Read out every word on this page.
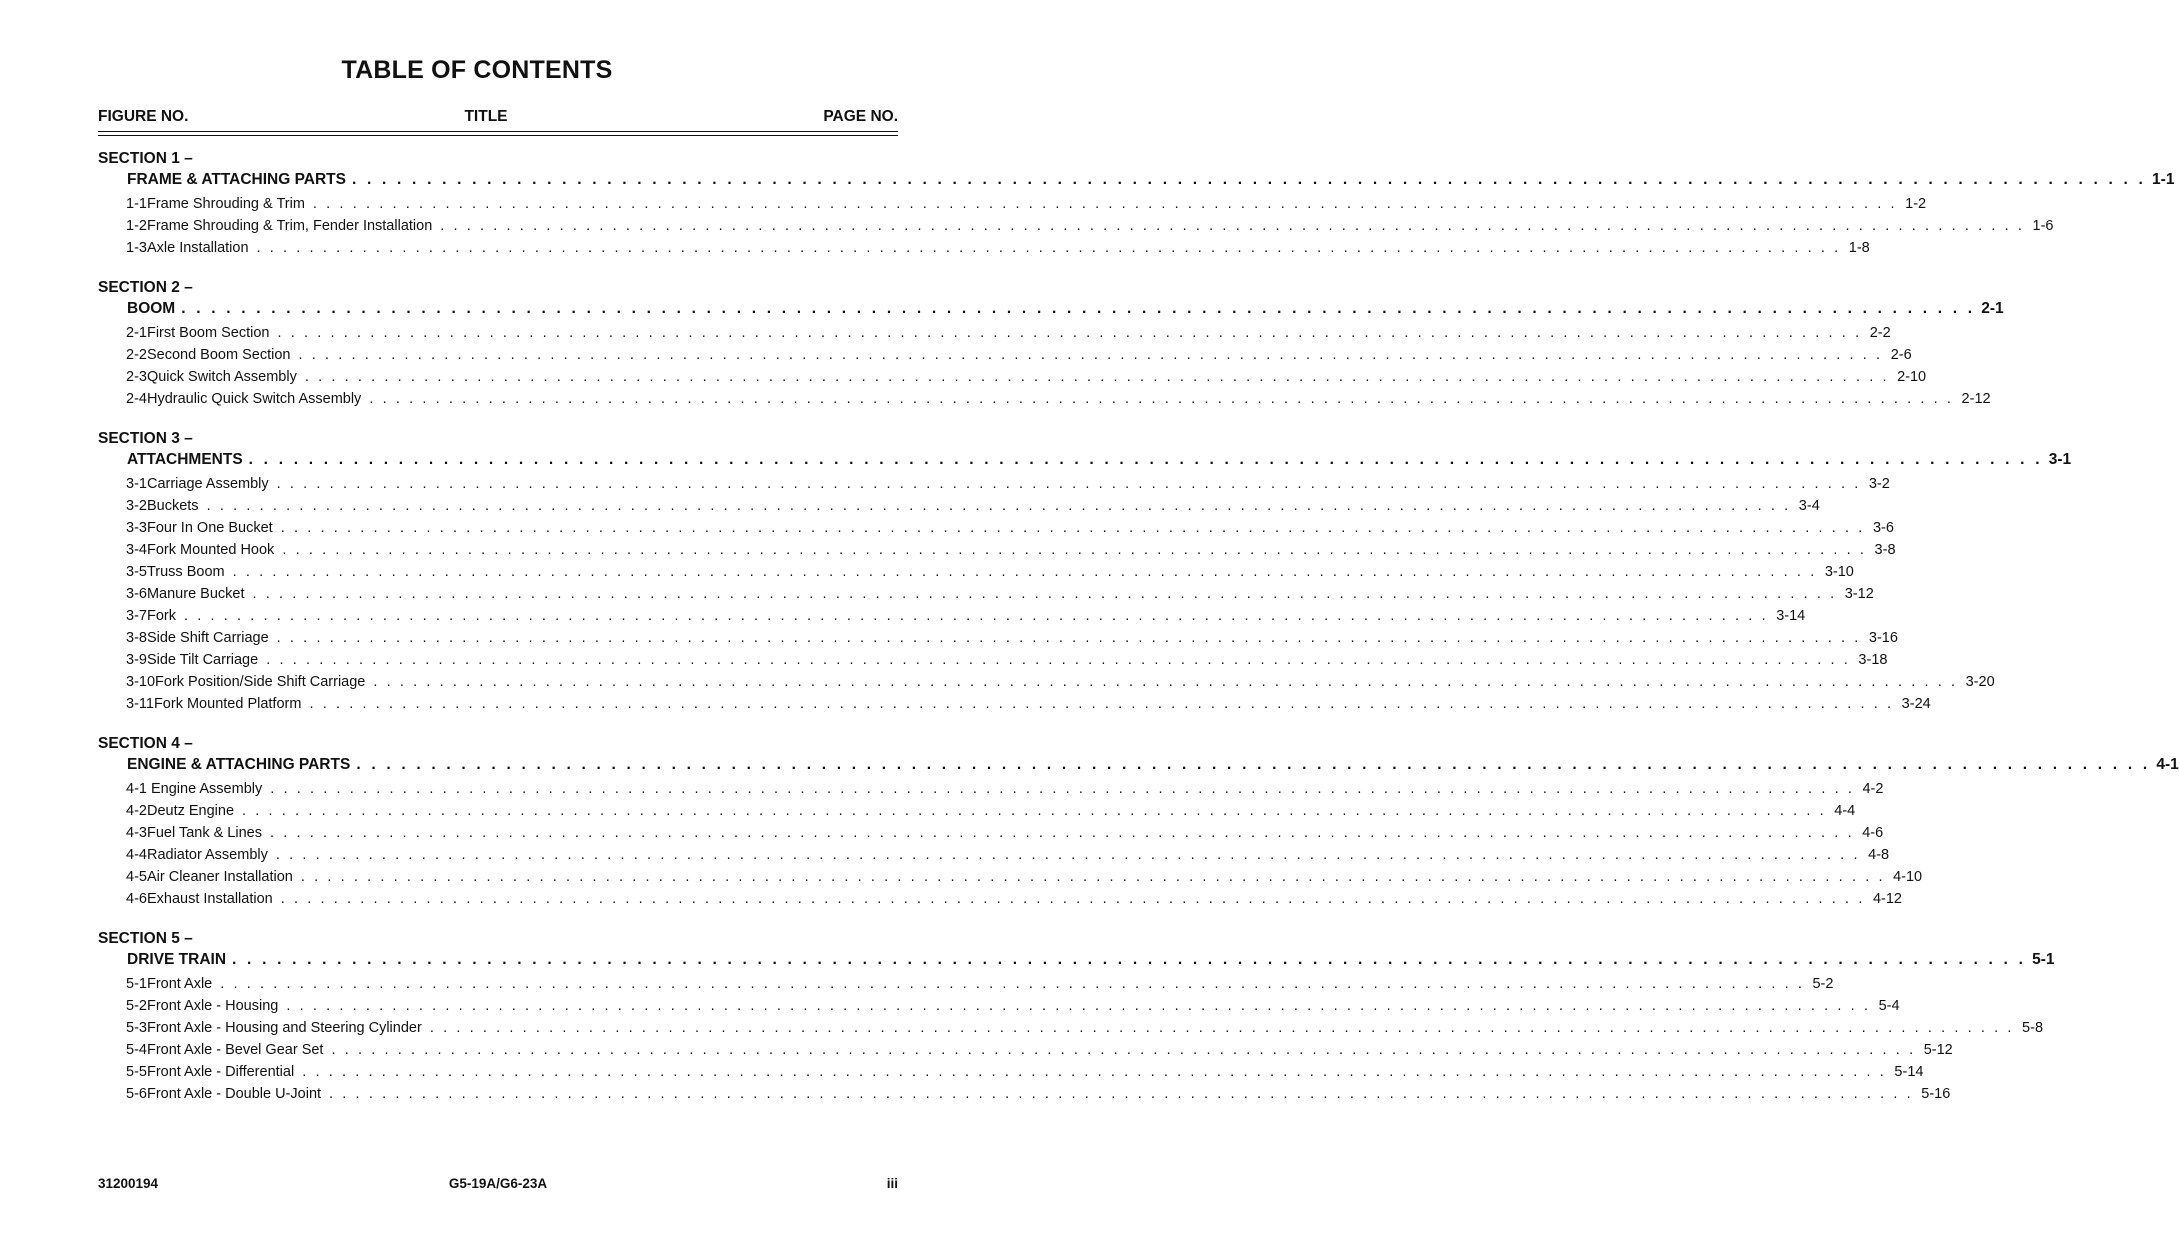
TABLE OF CONTENTS
FIGURE NO.	TITLE	PAGE NO.
SECTION 1 –
FRAME & ATTACHING PARTS . . . . . . . . . . . . . . . . . . . . . . . . . . . . . . . . . . . . . . . . . . . . . . . . . . . . . . . . . . . . . . . . . . . . . . . . . . . . . . . . . . . . . . . . . . . . . . . . . . . . . . . . . . . . . . . . . . . . . . . . 1-1
1-1 Frame Shrouding & Trim . . . . . . . . . . . . . . . . . . . . . . . . . . . . . . . . . . . . . . . . . . . . . . . . . . . . . . . . . . . . . . . . . . . . . . . . . . . . . . . . . . . . . . . . . . . . . . . . . . . . . . . . . . . . . . . . . . . . . . . . 1-2
1-2 Frame Shrouding & Trim, Fender Installation . . . . . . . . . . . . . . . . . . . . . . . . . . . . . . . . . . . . . . . . . . . . . . . . . . . . . . . . . . . . . . . . . . . . . . . . . . . . . . . . . . . . . . . . . . . . . . . . . . . . . . . . . . . . . . . . . . . . . . . . 1-6
1-3 Axle Installation . . . . . . . . . . . . . . . . . . . . . . . . . . . . . . . . . . . . . . . . . . . . . . . . . . . . . . . . . . . . . . . . . . . . . . . . . . . . . . . . . . . . . . . . . . . . . . . . . . . . . . . . . . . . . . . . . . . . . . . . 1-8
SECTION 2 –
BOOM . . . . . . . . . . . . . . . . . . . . . . . . . . . . . . . . . . . . . . . . . . . . . . . . . . . . . . . . . . . . . . . . . . . . . . . . . . . . . . . . . . . . . . . . . . . . . . . . . . . . . . . . . . . . . . . . . . . . . . . . 2-1
2-1 First Boom Section . . . . . . . . . . . . . . . . . . . . . . . . . . . . . . . . . . . . . . . . . . . . . . . . . . . . . . . . . . . . . . . . . . . . . . . . . . . . . . . . . . . . . . . . . . . . . . . . . . . . . . . . . . . . . . . . . . . . . . . . 2-2
2-2 Second Boom Section . . . . . . . . . . . . . . . . . . . . . . . . . . . . . . . . . . . . . . . . . . . . . . . . . . . . . . . . . . . . . . . . . . . . . . . . . . . . . . . . . . . . . . . . . . . . . . . . . . . . . . . . . . . . . . . . . . . . . . . . 2-6
2-3 Quick Switch Assembly . . . . . . . . . . . . . . . . . . . . . . . . . . . . . . . . . . . . . . . . . . . . . . . . . . . . . . . . . . . . . . . . . . . . . . . . . . . . . . . . . . . . . . . . . . . . . . . . . . . . . . . . . . . . . . . . . . . . . . . . 2-10
2-4 Hydraulic Quick Switch Assembly . . . . . . . . . . . . . . . . . . . . . . . . . . . . . . . . . . . . . . . . . . . . . . . . . . . . . . . . . . . . . . . . . . . . . . . . . . . . . . . . . . . . . . . . . . . . . . . . . . . . . . . . . . . . . . . . . . . . . . . . 2-12
SECTION 3 –
ATTACHMENTS . . . . . . . . . . . . . . . . . . . . . . . . . . . . . . . . . . . . . . . . . . . . . . . . . . . . . . . . . . . . . . . . . . . . . . . . . . . . . . . . . . . . . . . . . . . . . . . . . . . . . . . . . . . . . . . . . . . . . . . . 3-1
3-1 Carriage Assembly . . . . . . . . . . . . . . . . . . . . . . . . . . . . . . . . . . . . . . . . . . . . . . . . . . . . . . . . . . . . . . . . . . . . . . . . . . . . . . . . . . . . . . . . . . . . . . . . . . . . . . . . . . . . . . . . . . . . . . . . 3-2
3-2 Buckets . . . . . . . . . . . . . . . . . . . . . . . . . . . . . . . . . . . . . . . . . . . . . . . . . . . . . . . . . . . . . . . . . . . . . . . . . . . . . . . . . . . . . . . . . . . . . . . . . . . . . . . . . . . . . . . . . . . . . . . . 3-4
3-3 Four In One Bucket . . . . . . . . . . . . . . . . . . . . . . . . . . . . . . . . . . . . . . . . . . . . . . . . . . . . . . . . . . . . . . . . . . . . . . . . . . . . . . . . . . . . . . . . . . . . . . . . . . . . . . . . . . . . . . . . . . . . . . . . 3-6
3-4 Fork Mounted Hook . . . . . . . . . . . . . . . . . . . . . . . . . . . . . . . . . . . . . . . . . . . . . . . . . . . . . . . . . . . . . . . . . . . . . . . . . . . . . . . . . . . . . . . . . . . . . . . . . . . . . . . . . . . . . . . . . . . . . . . . 3-8
3-5 Truss Boom . . . . . . . . . . . . . . . . . . . . . . . . . . . . . . . . . . . . . . . . . . . . . . . . . . . . . . . . . . . . . . . . . . . . . . . . . . . . . . . . . . . . . . . . . . . . . . . . . . . . . . . . . . . . . . . . . . . . . . . . 3-10
3-6 Manure Bucket . . . . . . . . . . . . . . . . . . . . . . . . . . . . . . . . . . . . . . . . . . . . . . . . . . . . . . . . . . . . . . . . . . . . . . . . . . . . . . . . . . . . . . . . . . . . . . . . . . . . . . . . . . . . . . . . . . . . . . . . 3-12
3-7 Fork . . . . . . . . . . . . . . . . . . . . . . . . . . . . . . . . . . . . . . . . . . . . . . . . . . . . . . . . . . . . . . . . . . . . . . . . . . . . . . . . . . . . . . . . . . . . . . . . . . . . . . . . . . . . . . . . . . . . . . . . 3-14
3-8 Side Shift Carriage . . . . . . . . . . . . . . . . . . . . . . . . . . . . . . . . . . . . . . . . . . . . . . . . . . . . . . . . . . . . . . . . . . . . . . . . . . . . . . . . . . . . . . . . . . . . . . . . . . . . . . . . . . . . . . . . . . . . . . . . 3-16
3-9 Side Tilt Carriage . . . . . . . . . . . . . . . . . . . . . . . . . . . . . . . . . . . . . . . . . . . . . . . . . . . . . . . . . . . . . . . . . . . . . . . . . . . . . . . . . . . . . . . . . . . . . . . . . . . . . . . . . . . . . . . . . . . . . . . . 3-18
3-10 Fork Position/Side Shift Carriage . . . . . . . . . . . . . . . . . . . . . . . . . . . . . . . . . . . . . . . . . . . . . . . . . . . . . . . . . . . . . . . . . . . . . . . . . . . . . . . . . . . . . . . . . . . . . . . . . . . . . . . . . . . . . . . . . . . . . . . . 3-20
3-11 Fork Mounted Platform . . . . . . . . . . . . . . . . . . . . . . . . . . . . . . . . . . . . . . . . . . . . . . . . . . . . . . . . . . . . . . . . . . . . . . . . . . . . . . . . . . . . . . . . . . . . . . . . . . . . . . . . . . . . . . . . . . . . . . . . 3-24
SECTION 4 –
ENGINE & ATTACHING PARTS . . . . . . . . . . . . . . . . . . . . . . . . . . . . . . . . . . . . . . . . . . . . . . . . . . . . . . . . . . . . . . . . . . . . . . . . . . . . . . . . . . . . . . . . . . . . . . . . . . . . . . . . . . . . . . . . . . . . . . . . 4-1
4-1 Engine Assembly . . . . . . . . . . . . . . . . . . . . . . . . . . . . . . . . . . . . . . . . . . . . . . . . . . . . . . . . . . . . . . . . . . . . . . . . . . . . . . . . . . . . . . . . . . . . . . . . . . . . . . . . . . . . . . . . . . . . . . . . 4-2
4-2 Deutz Engine . . . . . . . . . . . . . . . . . . . . . . . . . . . . . . . . . . . . . . . . . . . . . . . . . . . . . . . . . . . . . . . . . . . . . . . . . . . . . . . . . . . . . . . . . . . . . . . . . . . . . . . . . . . . . . . . . . . . . . . . 4-4
4-3 Fuel Tank & Lines . . . . . . . . . . . . . . . . . . . . . . . . . . . . . . . . . . . . . . . . . . . . . . . . . . . . . . . . . . . . . . . . . . . . . . . . . . . . . . . . . . . . . . . . . . . . . . . . . . . . . . . . . . . . . . . . . . . . . . . . 4-6
4-4 Radiator Assembly . . . . . . . . . . . . . . . . . . . . . . . . . . . . . . . . . . . . . . . . . . . . . . . . . . . . . . . . . . . . . . . . . . . . . . . . . . . . . . . . . . . . . . . . . . . . . . . . . . . . . . . . . . . . . . . . . . . . . . . . 4-8
4-5 Air Cleaner Installation . . . . . . . . . . . . . . . . . . . . . . . . . . . . . . . . . . . . . . . . . . . . . . . . . . . . . . . . . . . . . . . . . . . . . . . . . . . . . . . . . . . . . . . . . . . . . . . . . . . . . . . . . . . . . . . . . . . . . . . . 4-10
4-6 Exhaust Installation . . . . . . . . . . . . . . . . . . . . . . . . . . . . . . . . . . . . . . . . . . . . . . . . . . . . . . . . . . . . . . . . . . . . . . . . . . . . . . . . . . . . . . . . . . . . . . . . . . . . . . . . . . . . . . . . . . . . . . . . 4-12
SECTION 5 –
DRIVE TRAIN . . . . . . . . . . . . . . . . . . . . . . . . . . . . . . . . . . . . . . . . . . . . . . . . . . . . . . . . . . . . . . . . . . . . . . . . . . . . . . . . . . . . . . . . . . . . . . . . . . . . . . . . . . . . . . . . . . . . . . . . 5-1
5-1 Front Axle . . . . . . . . . . . . . . . . . . . . . . . . . . . . . . . . . . . . . . . . . . . . . . . . . . . . . . . . . . . . . . . . . . . . . . . . . . . . . . . . . . . . . . . . . . . . . . . . . . . . . . . . . . . . . . . . . . . . . . . . 5-2
5-2 Front Axle - Housing . . . . . . . . . . . . . . . . . . . . . . . . . . . . . . . . . . . . . . . . . . . . . . . . . . . . . . . . . . . . . . . . . . . . . . . . . . . . . . . . . . . . . . . . . . . . . . . . . . . . . . . . . . . . . . . . . . . . . . . . 5-4
5-3 Front Axle - Housing and Steering Cylinder . . . . . . . . . . . . . . . . . . . . . . . . . . . . . . . . . . . . . . . . . . . . . . . . . . . . . . . . . . . . . . . . . . . . . . . . . . . . . . . . . . . . . . . . . . . . . . . . . . . . . . . . . . . . . . . . . . . . . . . . 5-8
5-4 Front Axle - Bevel Gear Set . . . . . . . . . . . . . . . . . . . . . . . . . . . . . . . . . . . . . . . . . . . . . . . . . . . . . . . . . . . . . . . . . . . . . . . . . . . . . . . . . . . . . . . . . . . . . . . . . . . . . . . . . . . . . . . . . . . . . . . . 5-12
5-5 Front Axle - Differential . . . . . . . . . . . . . . . . . . . . . . . . . . . . . . . . . . . . . . . . . . . . . . . . . . . . . . . . . . . . . . . . . . . . . . . . . . . . . . . . . . . . . . . . . . . . . . . . . . . . . . . . . . . . . . . . . . . . . . . . 5-14
5-6 Front Axle - Double U-Joint . . . . . . . . . . . . . . . . . . . . . . . . . . . . . . . . . . . . . . . . . . . . . . . . . . . . . . . . . . . . . . . . . . . . . . . . . . . . . . . . . . . . . . . . . . . . . . . . . . . . . . . . . . . . . . . . . . . . . . . . 5-16
31200194	G5-19A/G6-23A	iii
